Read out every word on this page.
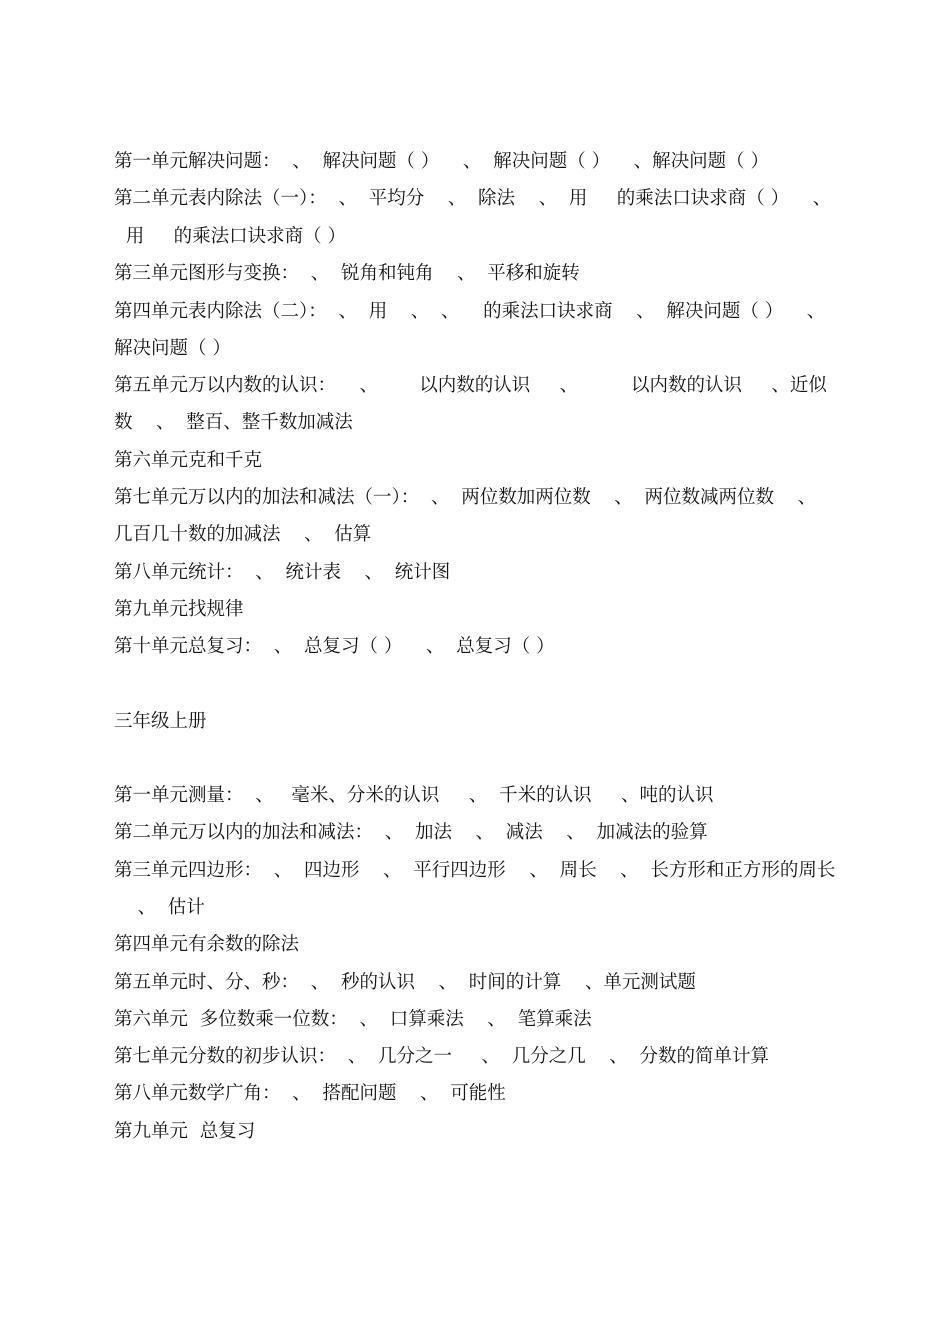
第一单元解决问题：  、  解决问题（ ）    、  解决问题（ ）    、解决问题（ ）
第二单元表内除法（一）：  、  平均分    、  除法    、  用     的乘法口诀求商（ ）    、
用     的乘法口诀求商（ ）
第三单元图形与变换：  、  锐角和钝角    、  平移和旋转
第四单元表内除法（二）：  、  用    、  、    的乘法口诀求商    、  解决问题（ ）    、
解决问题（ ）
第五单元万以内数的认识：    、       以内数的认识     、         以内数的认识     、近似
数    、  整百、整千数加减法
第六单元克和千克
第七单元万以内的加法和减法（一）：  、  两位数加两位数    、  两位数减两位数    、
几百几十数的加减法    、  估算
第八单元统计：  、  统计表    、  统计图
第九单元找规律
第十单元总复习：  、  总复习（ ）    、  总复习（ ）
三年级上册
第一单元测量：  、   毫米、分米的认识     、  千米的认识     、吨的认识
第二单元万以内的加法和减法：  、  加法    、  减法    、  加减法的验算
第三单元四边形：  、  四边形    、  平行四边形    、  周长    、  长方形和正方形的周长
、  估计
第四单元有余数的除法
第五单元时、分、秒：  、  秒的认识    、  时间的计算    、单元测试题
第六单元  多位数乘一位数：  、  口算乘法    、  笔算乘法
第七单元分数的初步认识：  、  几分之一     、  几分之几    、  分数的简单计算
第八单元数学广角：  、  搭配问题    、  可能性
第九单元  总复习
